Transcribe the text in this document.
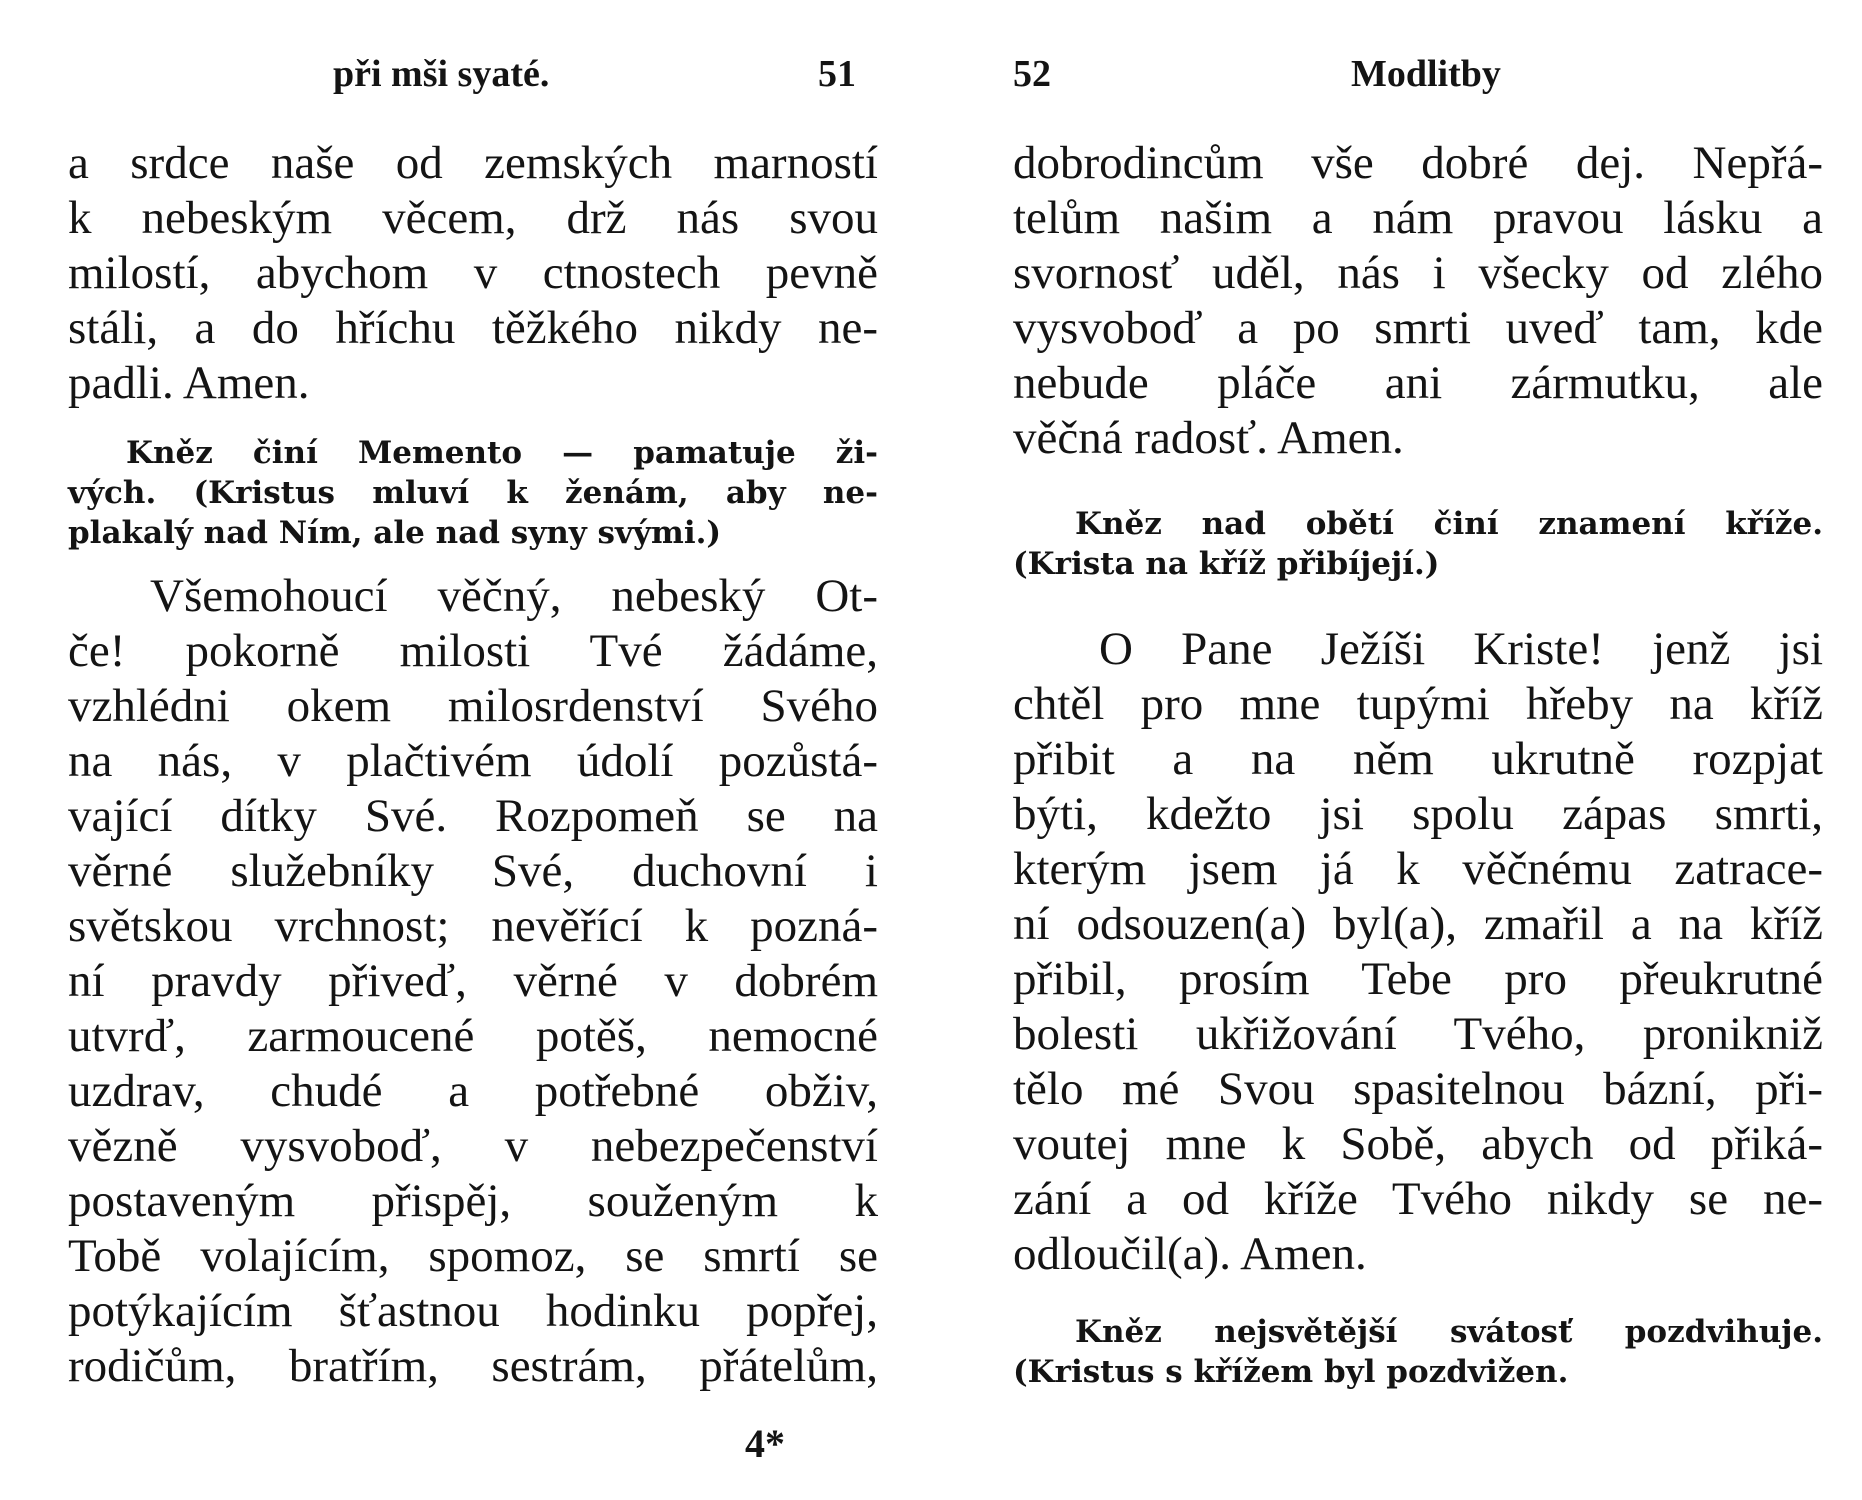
při mši syaté.	51
a srdce naše od zemských marností
k nebeským věcem, drž nás svou
milostí, abychom v ctnostech pevně
stáli, a do hříchu těžkého nikdy ne-
padli. Amen.
Kněz činí Memento — pamatuje ži-
vých. (Kristus mluví k ženám, aby ne-
plakalý nad Ním, ale nad syny svými.)
Všemohoucí věčný, nebeský Ot-
če! pokorně milosti Tvé žádáme,
vzhlédni okem milosrdenství Svého
na nás, v plačtivém údolí pozůstá-
vající dítky Své. Rozpomeň se na
věrné služebníky Své, duchovní i
světskou vrchnost; nevěřící k pozná-
ní pravdy přiveď, věrné v dobrém
utvrď, zarmoucené potěš, nemocné
uzdrav, chudé a potřebné obživ,
vězně vysvoboď, v nebezpečenství
postaveným přispěj, souženým k
Tobě volajícím, spomoz, se smrtí se
potýkajícím šťastnou hodinku popřej,
rodičům, bratřím, sestrám, přátelům,
4*
52	Modlitby
dobrodincům vše dobré dej. Nepřá-
telům našim a nám pravou lásku a
svornosť uděl, nás i všecky od zlého
vysvoboď a po smrti uveď tam, kde
nebude pláče ani zármutku, ale
věčná radosť. Amen.
Kněz nad obětí činí znamení kříže.
(Krista na kříž přibíjejí.)
O Pane Ježíši Kriste! jenž jsi
chtěl pro mne tupými hřeby na kříž
přibit a na něm ukrutně rozpjat
býti, kdežto jsi spolu zápas smrti,
kterým jsem já k věčnému zatrace-
ní odsouzen(a) byl(a), zmařil a na kříž
přibil, prosím Tebe pro přeukrutné
bolesti ukřižování Tvého, pronikniž
tělo mé Svou spasitelnou bázní, při-
voutej mne k Sobě, abych od přiká-
zání a od kříže Tvého nikdy se ne-
odloučil(a). Amen.
Kněz nejsvětější svátosť pozdvihuje.
(Kristus s křížem byl pozdvižen.
